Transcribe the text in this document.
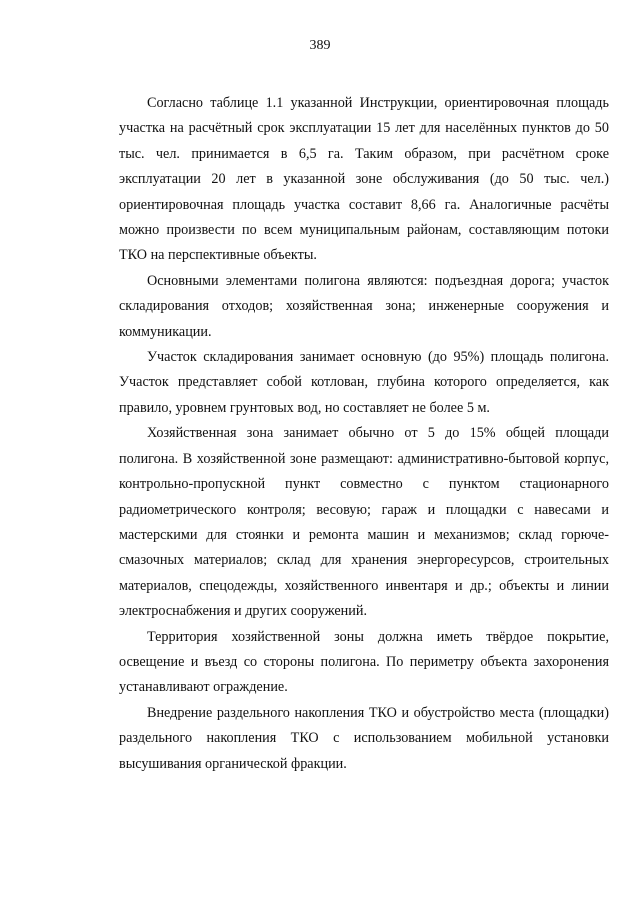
389

Согласно таблице 1.1 указанной Инструкции, ориентировочная площадь участка на расчётный срок эксплуатации 15 лет для населённых пунктов до 50 тыс. чел. принимается в 6,5 га. Таким образом, при расчётном сроке эксплуатации 20 лет в указанной зоне обслуживания (до 50 тыс. чел.) ориентировочная площадь участка составит 8,66 га. Аналогичные расчёты можно произвести по всем муниципальным районам, составляющим потоки ТКО на перспективные объекты.

Основными элементами полигона являются: подъездная дорога; участок складирования отходов; хозяйственная зона; инженерные сооружения и коммуникации.

Участок складирования занимает основную (до 95%) площадь полигона. Участок представляет собой котлован, глубина которого определяется, как правило, уровнем грунтовых вод, но составляет не более 5 м.

Хозяйственная зона занимает обычно от 5 до 15% общей площади полигона. В хозяйственной зоне размещают: административно-бытовой корпус, контрольно-пропускной пункт совместно с пунктом стационарного радиометрического контроля; весовую; гараж и площадки с навесами и мастерскими для стоянки и ремонта машин и механизмов; склад горюче-смазочных материалов; склад для хранения энергоресурсов, строительных материалов, спецодежды, хозяйственного инвентаря и др.; объекты и линии электроснабжения и других сооружений.

Территория хозяйственной зоны должна иметь твёрдое покрытие, освещение и въезд со стороны полигона. По периметру объекта захоронения устанавливают ограждение.

Внедрение раздельного накопления ТКО и обустройство места (площадки) раздельного накопления ТКО с использованием мобильной установки высушивания органической фракции.
